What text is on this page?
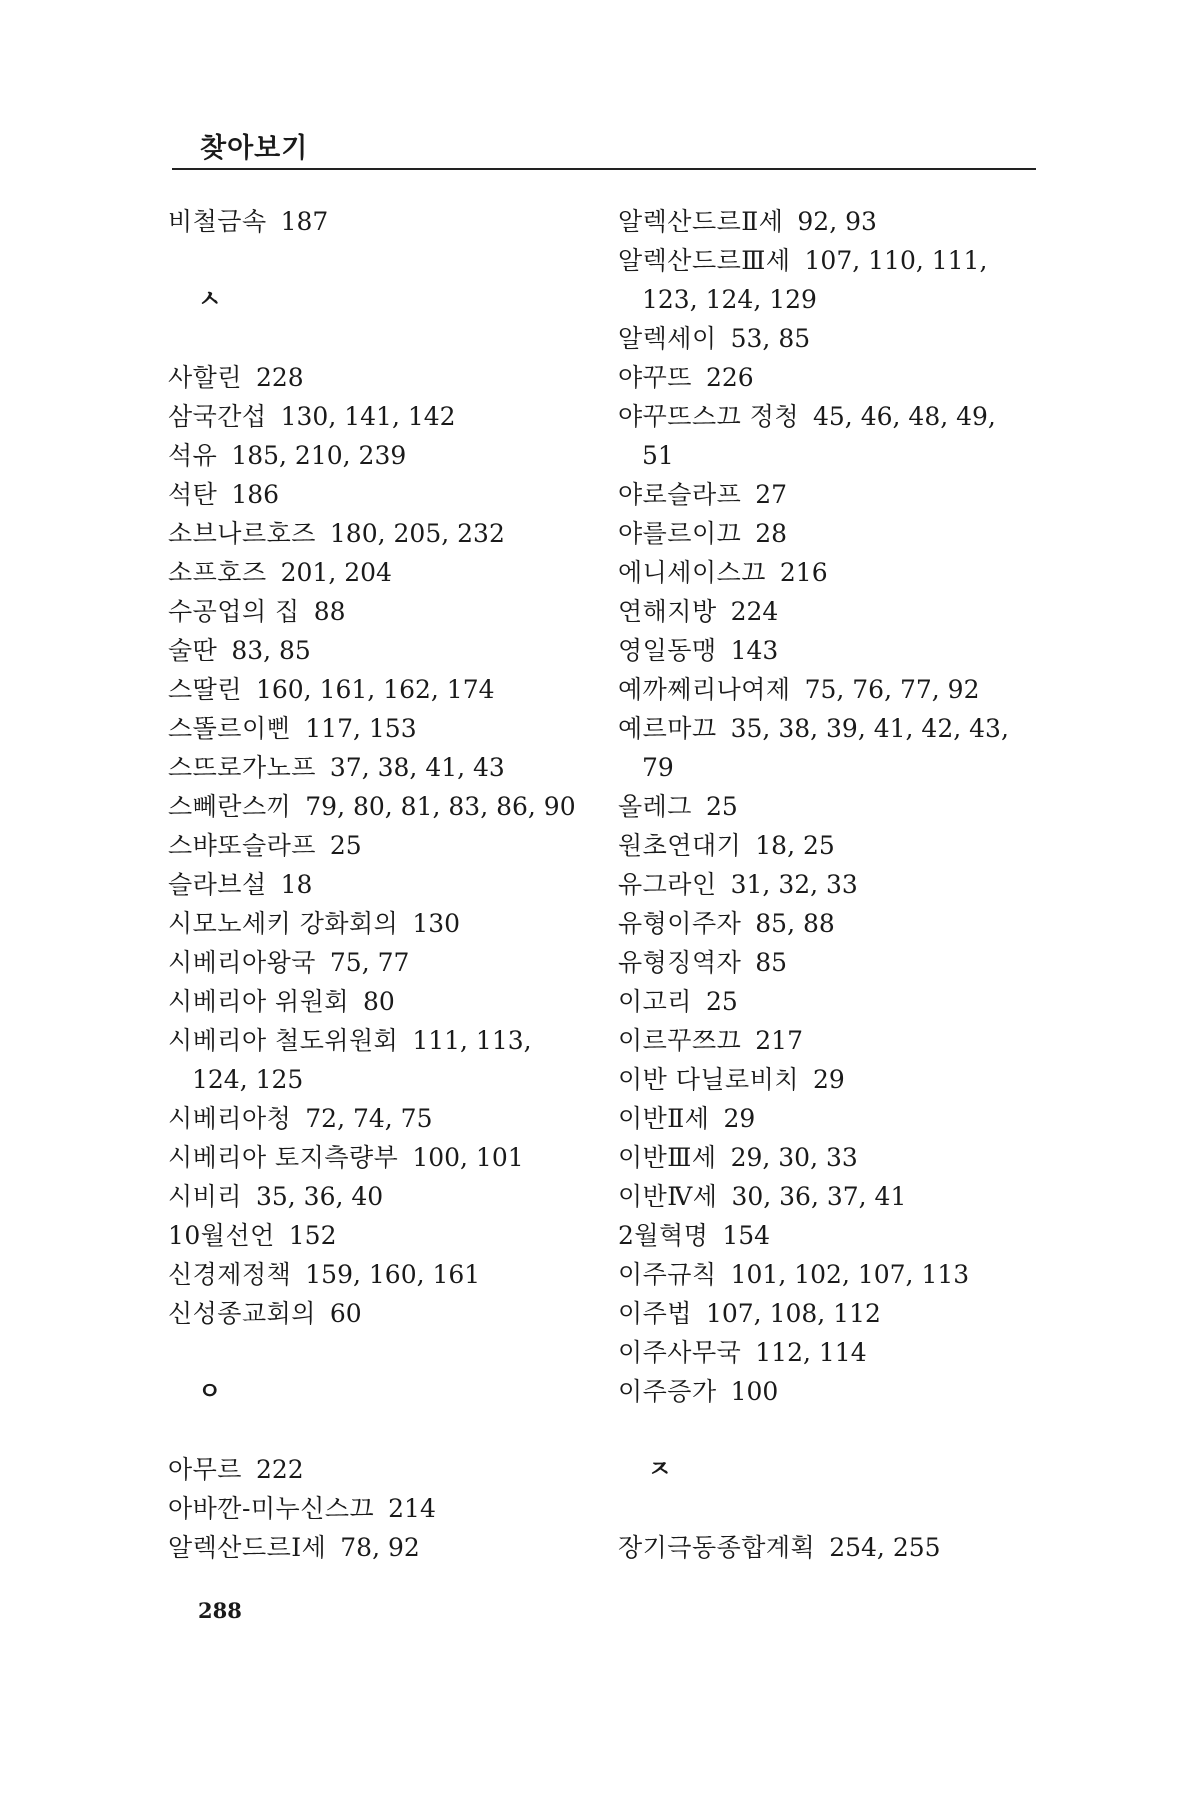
찾아보기
비철금속 187
ㅅ
사할린 228
삼국간섭 130, 141, 142
석유 185, 210, 239
석탄 186
소브나르호즈 180, 205, 232
소프호즈 201, 204
수공업의 집 88
술딴 83, 85
스딸린 160, 161, 162, 174
스똘르이삔 117, 153
스뜨로가노프 37, 38, 41, 43
스뻬란스끼 79, 80, 81, 83, 86, 90
스뱌또슬라프 25
슬라브설 18
시모노세키 강화회의 130
시베리아왕국 75, 77
시베리아 위원회 80
시베리아 철도위원회 111, 113,
124, 125
시베리아청 72, 74, 75
시베리아 토지측량부 100, 101
시비리 35, 36, 40
10월선언 152
신경제정책 159, 160, 161
신성종교회의 60
ㅇ
아무르 222
아바깐-미누신스끄 214
알렉산드르Ⅰ세 78, 92
알렉산드르Ⅱ세 92, 93
알렉산드르Ⅲ세 107, 110, 111,
123, 124, 129
알렉세이 53, 85
야꾸뜨 226
야꾸뜨스끄 정청 45, 46, 48, 49,
51
야로슬라프 27
야를르이끄 28
에니세이스끄 216
연해지방 224
영일동맹 143
예까쩨리나여제 75, 76, 77, 92
예르마끄 35, 38, 39, 41, 42, 43,
79
올레그 25
원초연대기 18, 25
유그라인 31, 32, 33
유형이주자 85, 88
유형징역자 85
이고리 25
이르꾸쯔끄 217
이반 다닐로비치 29
이반Ⅱ세 29
이반Ⅲ세 29, 30, 33
이반Ⅳ세 30, 36, 37, 41
2월혁명 154
이주규칙 101, 102, 107, 113
이주법 107, 108, 112
이주사무국 112, 114
이주증가 100
ㅈ
장기극동종합계획 254, 255
288
